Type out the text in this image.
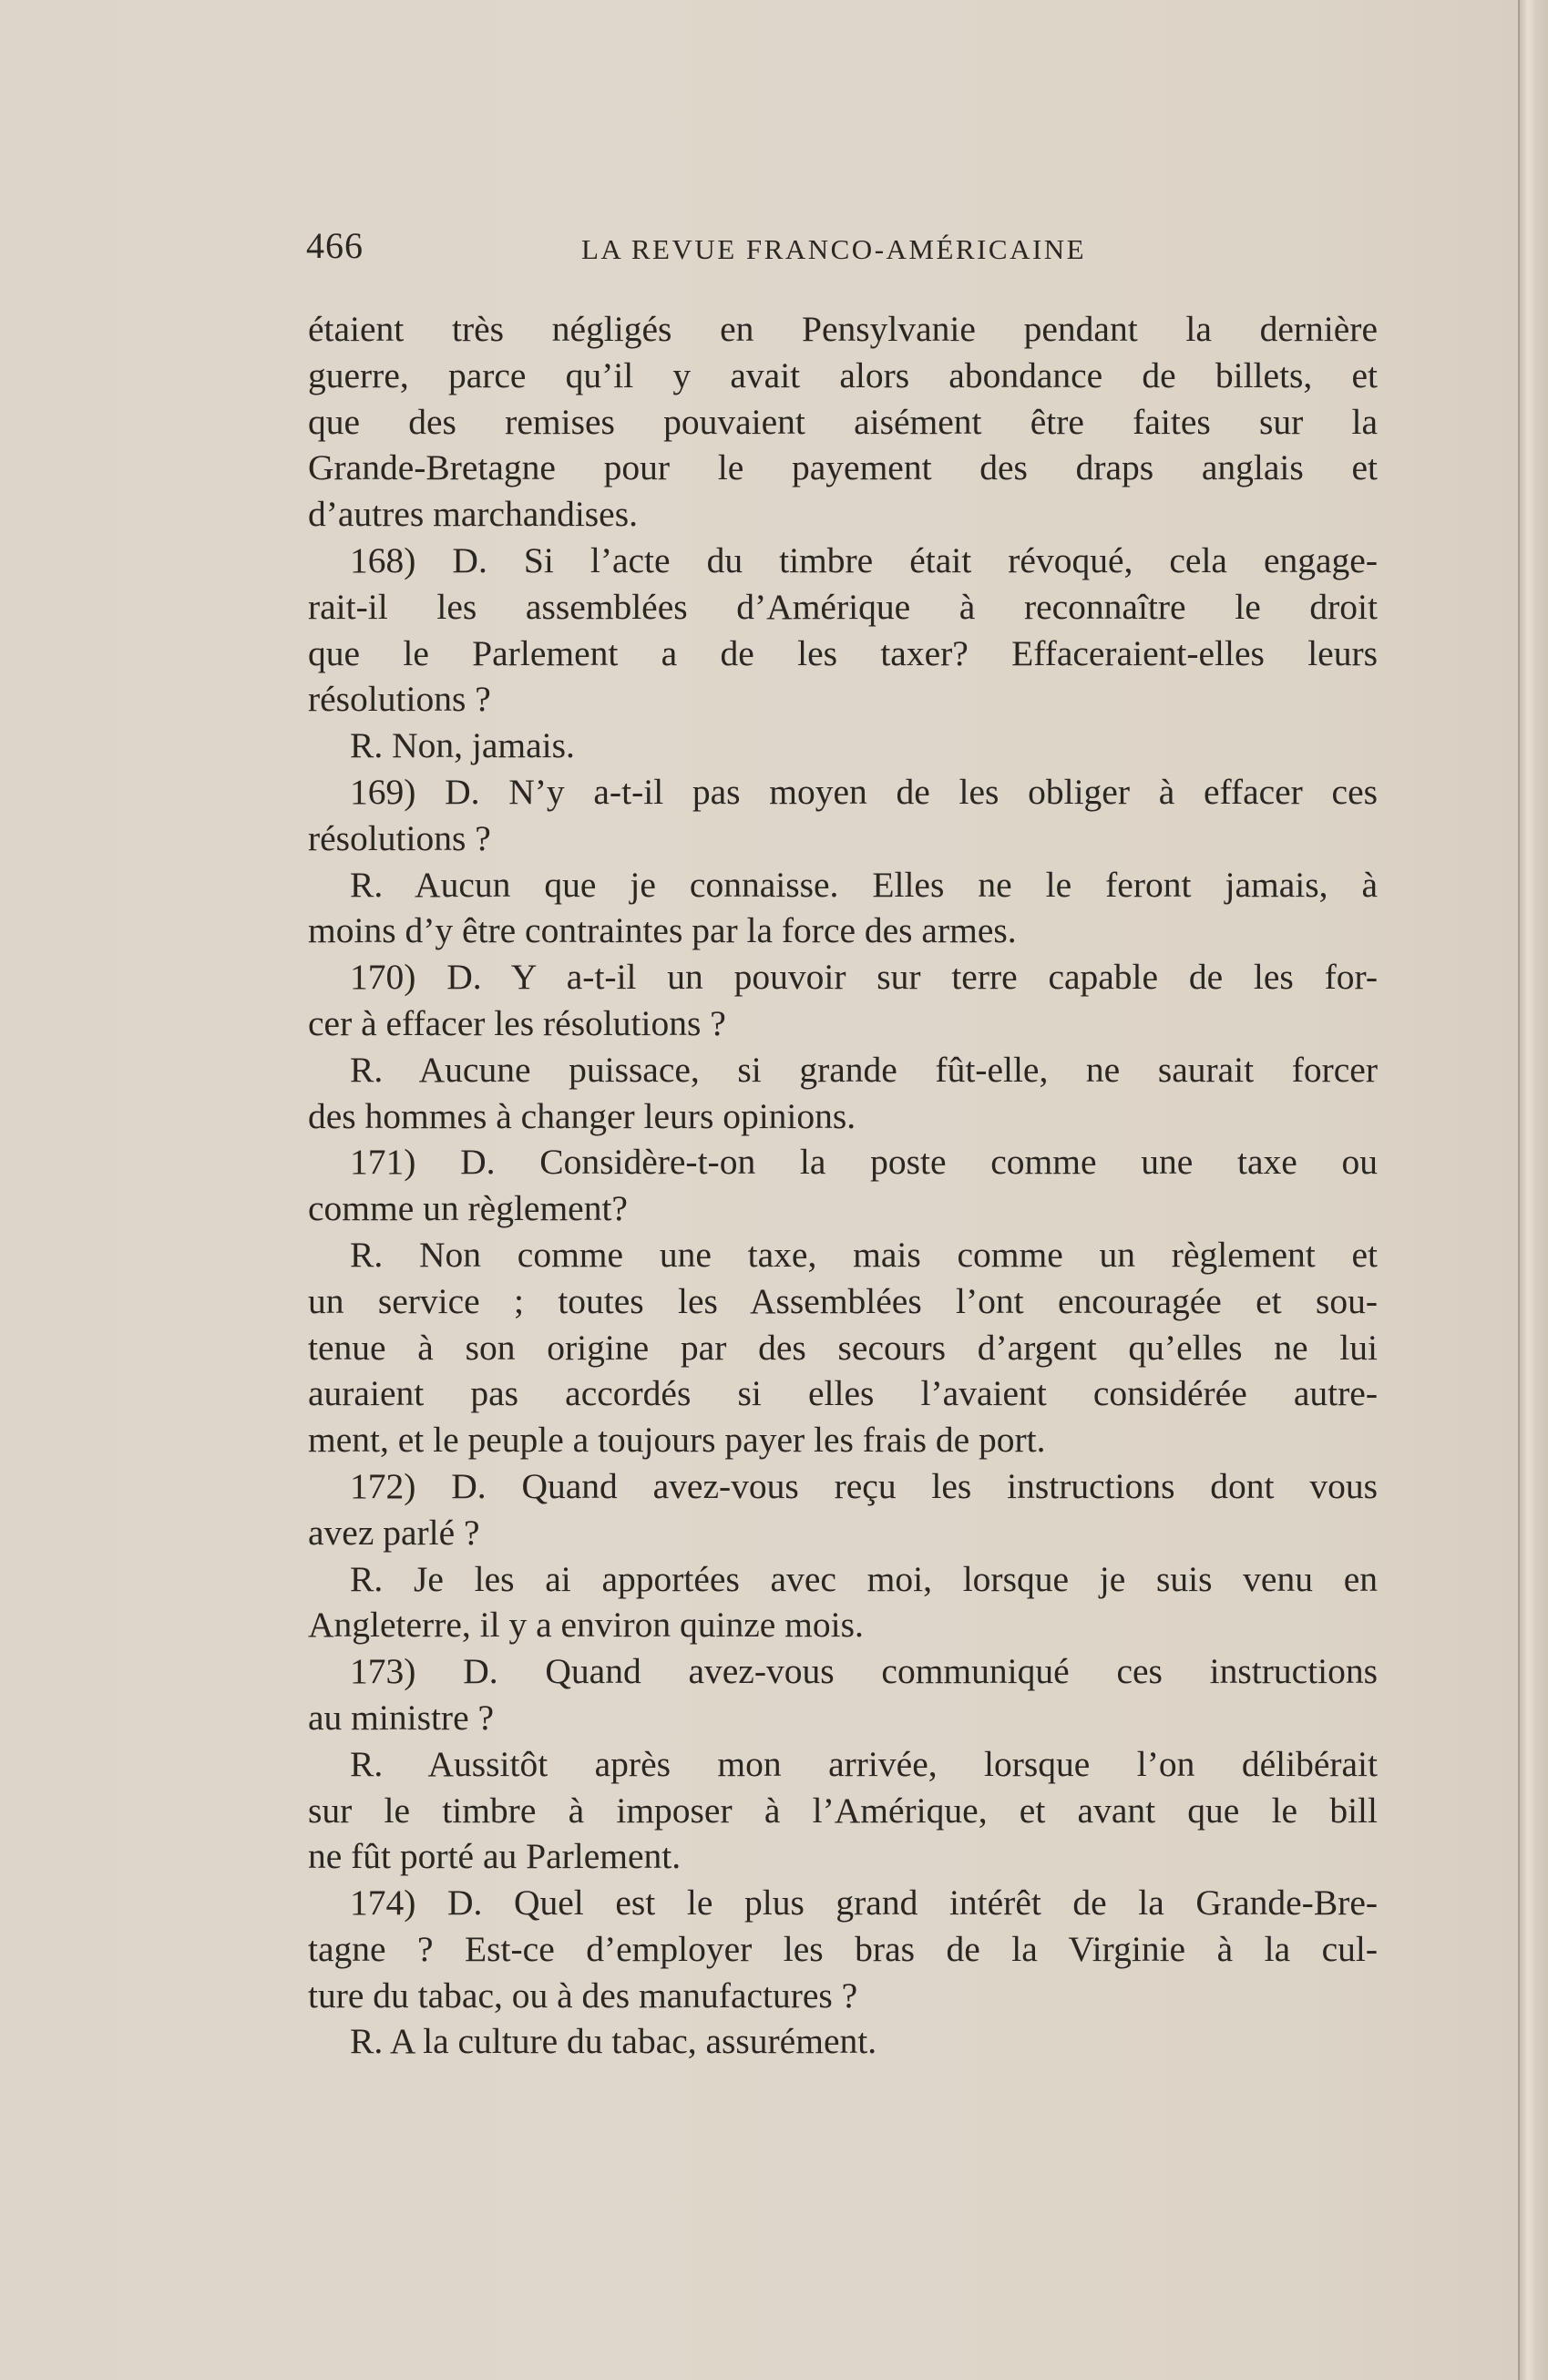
466	LA REVUE FRANCO-AMÉRICAINE
étaient très négligés en Pensylvanie pendant la dernière
guerre, parce qu’il y avait alors abondance de billets, et
que des remises pouvaient aisément être faites sur la
Grande-Bretagne pour le payement des draps anglais et
d’autres marchandises.
168) D. Si l’acte du timbre était révoqué, cela engage-
rait-il les assemblées d’Amérique à reconnaître le droit
que le Parlement a de les taxer? Effaceraient-elles leurs
résolutions ?
R. Non, jamais.
169) D. N’y a-t-il pas moyen de les obliger à effacer ces
résolutions ?
R. Aucun que je connaisse. Elles ne le feront jamais, à
moins d’y être contraintes par la force des armes.
170) D. Y a-t-il un pouvoir sur terre capable de les for-
cer à effacer les résolutions ?
R. Aucune puissace, si grande fût-elle, ne saurait forcer
des hommes à changer leurs opinions.
171) D. Considère-t-on la poste comme une taxe ou
comme un règlement?
R. Non comme une taxe, mais comme un règlement et
un service ; toutes les Assemblées l’ont encouragée et sou-
tenue à son origine par des secours d’argent qu’elles ne lui
auraient pas accordés si elles l’avaient considérée autre-
ment, et le peuple a toujours payer les frais de port.
172) D. Quand avez-vous reçu les instructions dont vous
avez parlé ?
R. Je les ai apportées avec moi, lorsque je suis venu en
Angleterre, il y a environ quinze mois.
173) D. Quand avez-vous communiqué ces instructions
au ministre ?
R. Aussitôt après mon arrivée, lorsque l’on délibérait
sur le timbre à imposer à l’Amérique, et avant que le bill
ne fût porté au Parlement.
174) D. Quel est le plus grand intérêt de la Grande-Bre-
tagne ? Est-ce d’employer les bras de la Virginie à la cul-
ture du tabac, ou à des manufactures ?
R. A la culture du tabac, assurément.
